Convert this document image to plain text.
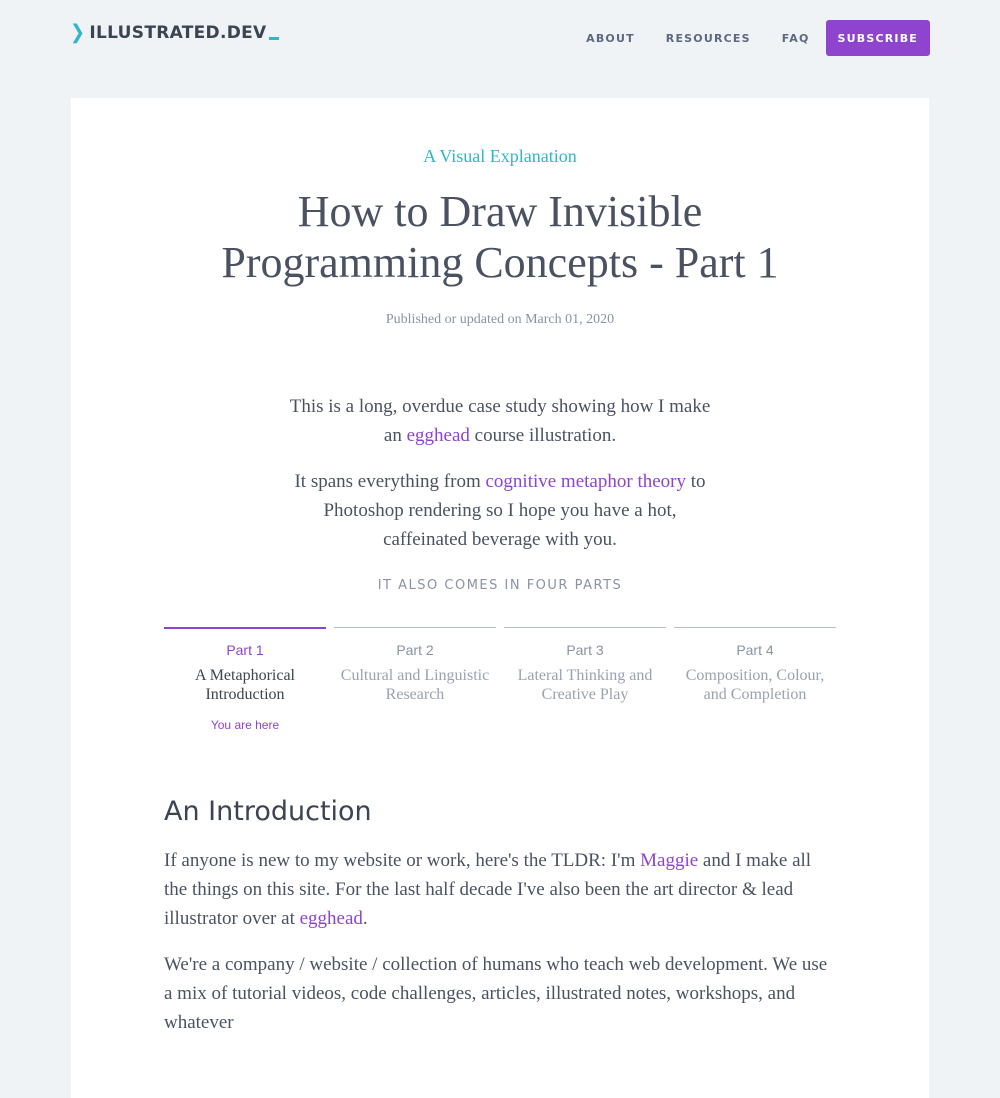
❯ ILLUSTRATED.DEV	ABOUT	RESOURCES	FAQ	SUBSCRIBE
A Visual Explanation
How to Draw Invisible Programming Concepts - Part 1
Published or updated on March 01, 2020

This is a long, overdue case study showing how I make an egghead course illustration.

It spans everything from cognitive metaphor theory to Photoshop rendering so I hope you have a hot, caffeinated beverage with you.

IT ALSO COMES IN FOUR PARTS
Part 1
A Metaphorical Introduction
You are here
Part 2
Cultural and Linguistic Research
Part 3
Lateral Thinking and Creative Play
Part 4
Composition, Colour, and Completion
An Introduction

If anyone is new to my website or work, here's the TLDR: I'm Maggie and I make all the things on this site. For the last half decade I've also been the art director & lead illustrator over at egghead.

We're a company / website / collection of humans who teach web development. We use a mix of tutorial videos, code challenges, articles, illustrated notes, workshops, and whatever
